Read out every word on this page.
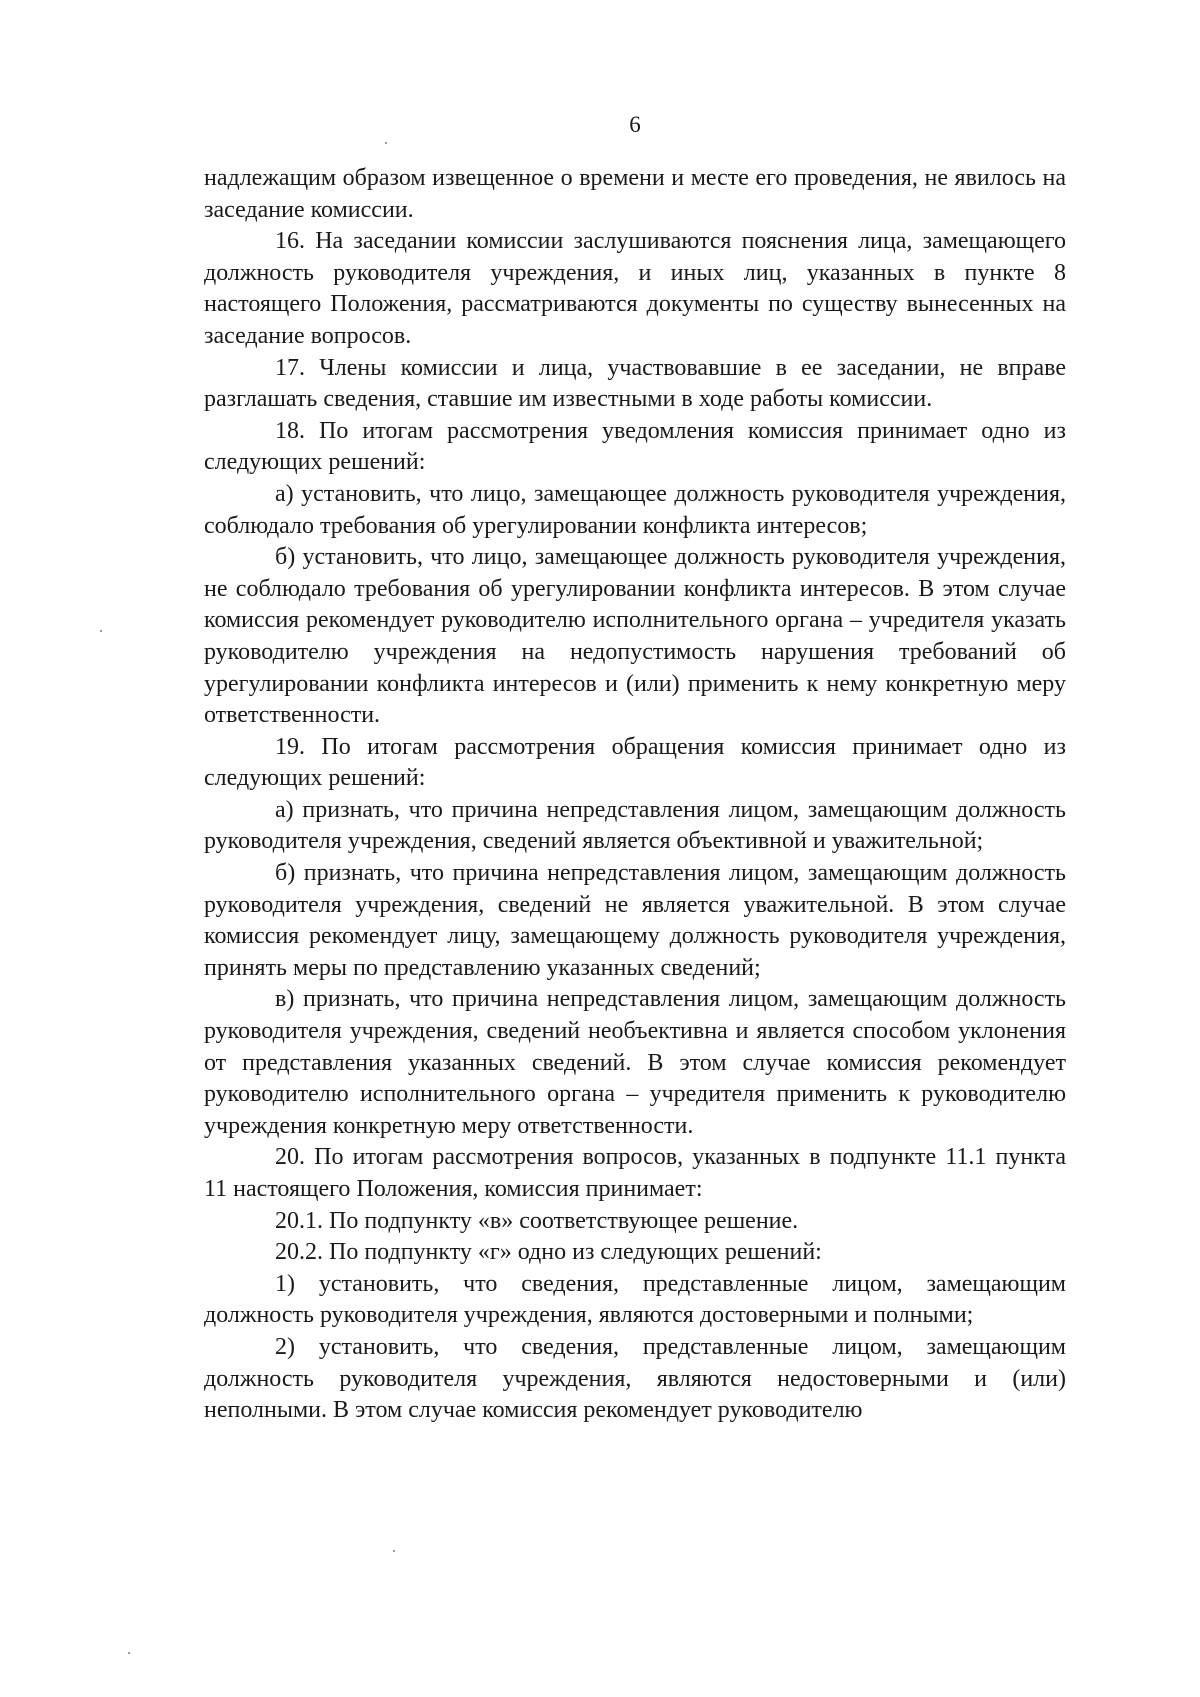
6

надлежащим образом извещенное о времени и месте его проведения, не явилось на заседание комиссии.

16. На заседании комиссии заслушиваются пояснения лица, замещающего должность руководителя учреждения, и иных лиц, указанных в пункте 8 настоящего Положения, рассматриваются документы по существу вынесенных на заседание вопросов.

17. Члены комиссии и лица, участвовавшие в ее заседании, не вправе разглашать сведения, ставшие им известными в ходе работы комиссии.

18. По итогам рассмотрения уведомления комиссия принимает одно из следующих решений:

а) установить, что лицо, замещающее должность руководителя учреждения, соблюдало требования об урегулировании конфликта интересов;

б) установить, что лицо, замещающее должность руководителя учреждения, не соблюдало требования об урегулировании конфликта интересов. В этом случае комиссия рекомендует руководителю исполнительного органа – учредителя указать руководителю учреждения на недопустимость нарушения требований об урегулировании конфликта интересов и (или) применить к нему конкретную меру ответственности.

19. По итогам рассмотрения обращения комиссия принимает одно из следующих решений:

а) признать, что причина непредставления лицом, замещающим должность руководителя учреждения, сведений является объективной и уважительной;

б) признать, что причина непредставления лицом, замещающим должность руководителя учреждения, сведений не является уважительной. В этом случае комиссия рекомендует лицу, замещающему должность руководителя учреждения, принять меры по представлению указанных сведений;

в) признать, что причина непредставления лицом, замещающим должность руководителя учреждения, сведений необъективна и является способом уклонения от представления указанных сведений. В этом случае комиссия рекомендует руководителю исполнительного органа – учредителя применить к руководителю учреждения конкретную меру ответственности.

20. По итогам рассмотрения вопросов, указанных в подпункте 11.1 пункта 11 настоящего Положения, комиссия принимает:

20.1. По подпункту «в» соответствующее решение.

20.2. По подпункту «г» одно из следующих решений:

1) установить, что сведения, представленные лицом, замещающим должность руководителя учреждения, являются достоверными и полными;

2) установить, что сведения, представленные лицом, замещающим должность руководителя учреждения, являются недостоверными и (или) неполными. В этом случае комиссия рекомендует руководителю
